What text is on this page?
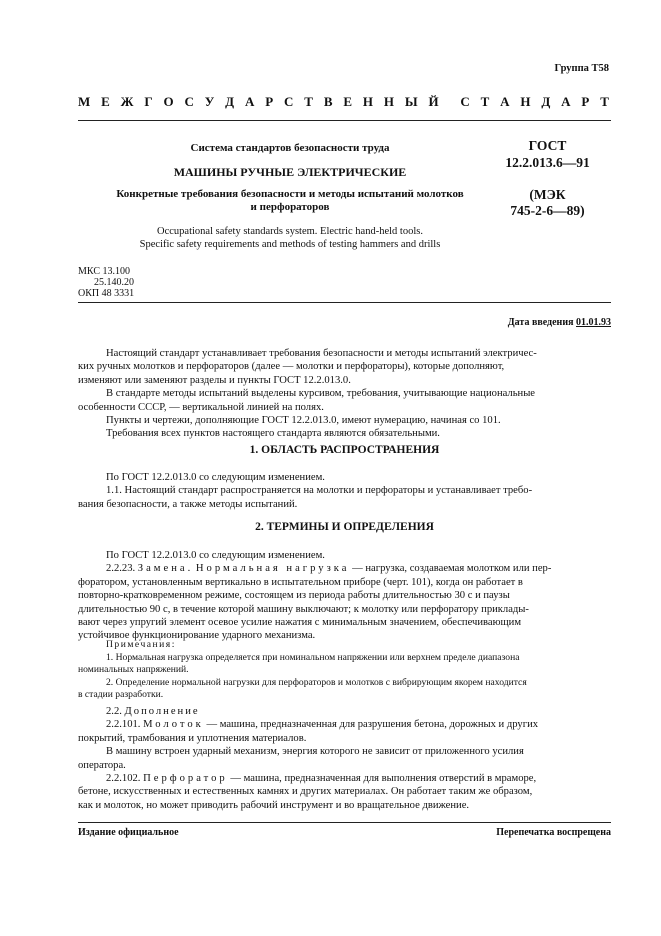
Группа Т58
М Е Ж Г О С У Д А Р С Т В Е Н Н Ы Й С Т А Н Д А Р Т
Система стандартов безопасности труда
МАШИНЫ РУЧНЫЕ ЭЛЕКТРИЧЕСКИЕ
Конкретные требования безопасности и методы испытаний молотков
и перфораторов
ГОСТ
12.2.013.6—91
(МЭК
745-2-6—89)
Occupational safety standards system. Electric hand-held tools.
Specific safety requirements and methods of testing hammers and drills
МКС 13.100
25.140.20
ОКП 48 3331
Дата введения 01.01.93

Настоящий стандарт устанавливает требования безопасности и методы испытаний электричес-

ких ручных молотков и перфораторов (далее — молотки и перфораторы), которые дополняют,

изменяют или заменяют разделы и пункты ГОСТ 12.2.013.0.

В стандарте методы испытаний выделены курсивом, требования, учитывающие национальные

особенности СССР, — вертикальной линией на полях.

Пункты и чертежи, дополняющие ГОСТ 12.2.013.0, имеют нумерацию, начиная со 101.

Требования всех пунктов настоящего стандарта являются обязательными.

1. ОБЛАСТЬ РАСПРОСТРАНЕНИЯ

По ГОСТ 12.2.013.0 со следующим изменением.

1.1. Настоящий стандарт распространяется на молотки и перфораторы и устанавливает требо-

вания безопасности, а также методы испытаний.

2. ТЕРМИНЫ И ОПРЕДЕЛЕНИЯ

По ГОСТ 12.2.013.0 со следующим изменением.

2.2.23. Замена. Нормальная нагрузка — нагрузка, создаваемая молотком или пер-

форатором, установленным вертикально в испытательном приборе (черт. 101), когда он работает в

повторно-кратковременном режиме, состоящем из периода работы длительностью 30 с и паузы

длительностью 90 с, в течение которой машину выключают; к молотку или перфоратору приклады-

вают через упругий элемент осевое усилие нажатия с минимальным значением, обеспечивающим

устойчивое функционирование ударного механизма.

Примечания:

1. Нормальная нагрузка определяется при номинальном напряжении или верхнем пределе диапазона

номинальных напряжений.

2. Определение нормальной нагрузки для перфораторов и молотков с вибрирующим якорем находится

в стадии разработки.

2.2. Дополнение

2.2.101. Молоток — машина, предназначенная для разрушения бетона, дорожных и других

покрытий, трамбования и уплотнения материалов.

В машину встроен ударный механизм, энергия которого не зависит от приложенного усилия

оператора.

2.2.102. Перфоратор — машина, предназначенная для выполнения отверстий в мраморе,

бетоне, искусственных и естественных камнях и других материалах. Он работает таким же образом,

как и молоток, но может приводить рабочий инструмент и во вращательное движение.

Издание официальное	Перепечатка воспрещена
